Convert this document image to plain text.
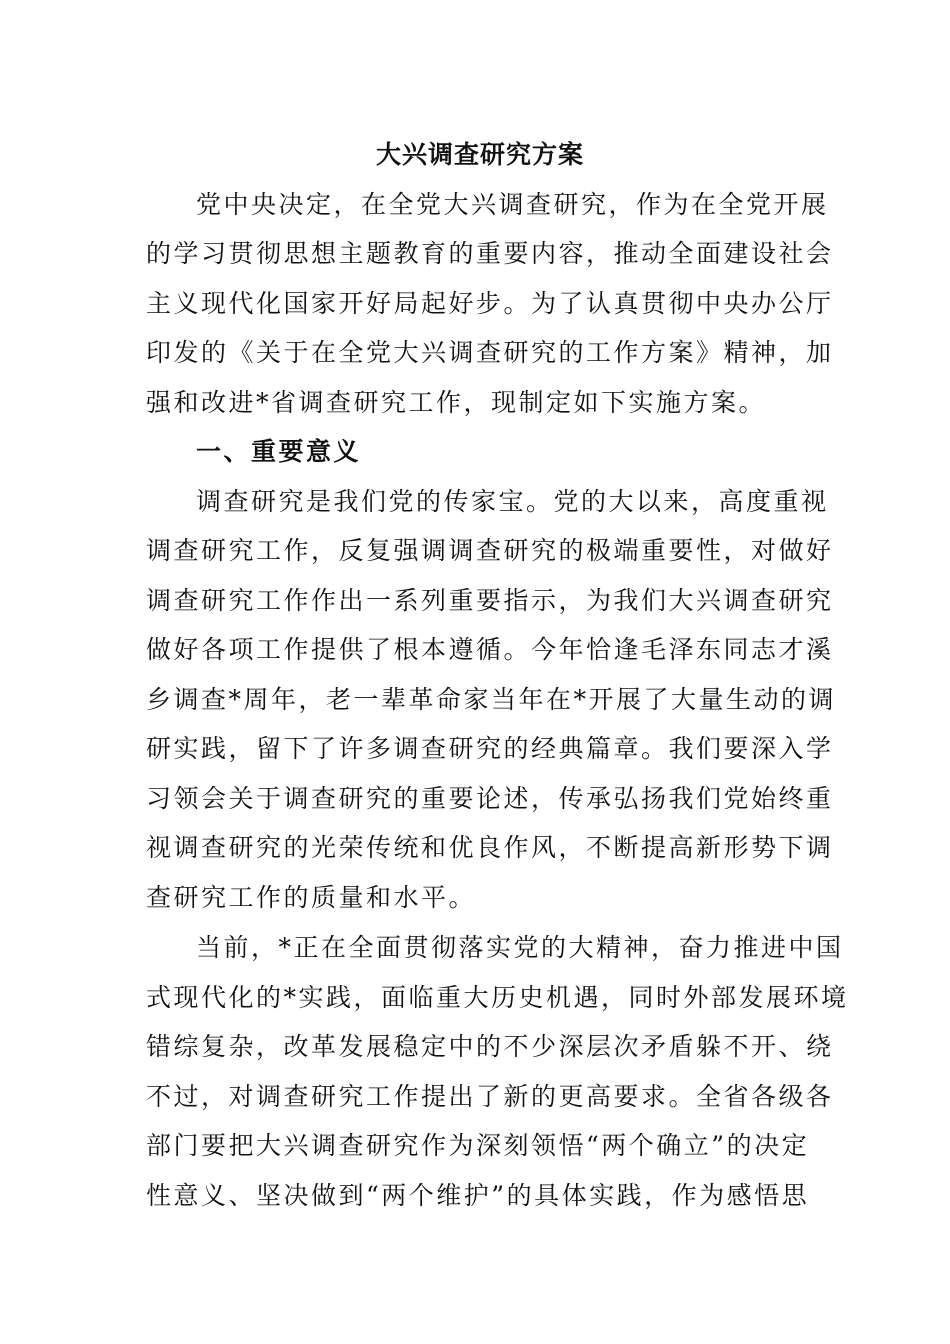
大兴调查研究方案
党中央决定，在全党大兴调查研究，作为在全党开展
的学习贯彻思想主题教育的重要内容，推动全面建设社会
主义现代化国家开好局起好步。为了认真贯彻中央办公厅
印发的《关于在全党大兴调查研究的工作方案》精神，加
强和改进*省调查研究工作，现制定如下实施方案。
一、重要意义
调查研究是我们党的传家宝。党的大以来，高度重视
调查研究工作，反复强调调查研究的极端重要性，对做好
调查研究工作作出一系列重要指示，为我们大兴调查研究
做好各项工作提供了根本遵循。今年恰逢毛泽东同志才溪
乡调查*周年，老一辈革命家当年在*开展了大量生动的调
研实践，留下了许多调查研究的经典篇章。我们要深入学
习领会关于调查研究的重要论述，传承弘扬我们党始终重
视调查研究的光荣传统和优良作风，不断提高新形势下调
查研究工作的质量和水平。
当前，*正在全面贯彻落实党的大精神，奋力推进中国
式现代化的*实践，面临重大历史机遇，同时外部发展环境
错综复杂，改革发展稳定中的不少深层次矛盾躲不开、绕
不过，对调查研究工作提出了新的更高要求。全省各级各
部门要把大兴调查研究作为深刻领悟“两个确立”的决定
性意义、坚决做到“两个维护”的具体实践，作为感悟思
